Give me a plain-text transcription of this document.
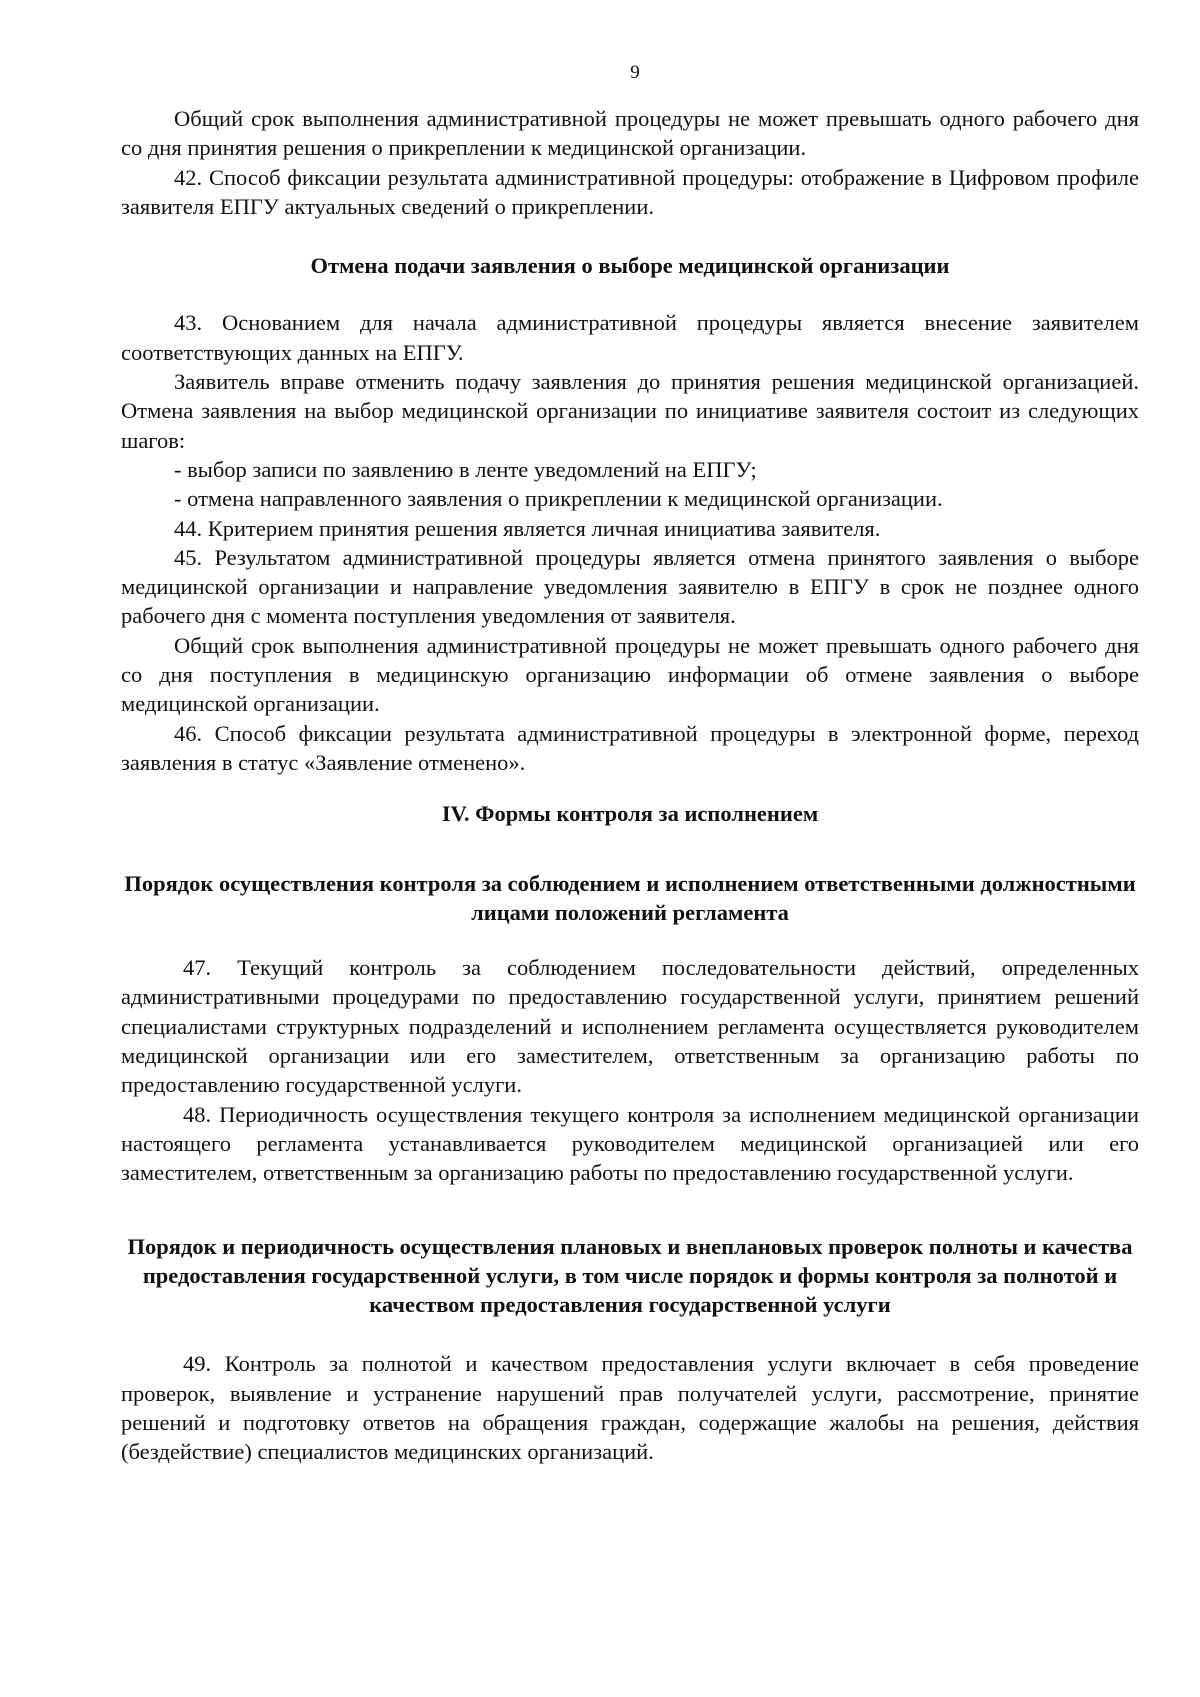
9

Общий срок выполнения административной процедуры не может превышать одного рабочего дня со дня принятия решения о прикреплении к медицинской организации.

42. Способ фиксации результата административной процедуры: отображение в Цифровом профиле заявителя ЕПГУ актуальных сведений о прикреплении.

Отмена подачи заявления о выборе медицинской организации

43. Основанием для начала административной процедуры является внесение заявителем соответствующих данных на ЕПГУ.

Заявитель вправе отменить подачу заявления до принятия решения медицинской организацией. Отмена заявления на выбор медицинской организации по инициативе заявителя состоит из следующих шагов:

- выбор записи по заявлению в ленте уведомлений на ЕПГУ;

- отмена направленного заявления о прикреплении к медицинской организации.

44. Критерием принятия решения является личная инициатива заявителя.

45. Результатом административной процедуры является отмена принятого заявления о выборе медицинской организации и направление уведомления заявителю в ЕПГУ в срок не позднее одного рабочего дня с момента поступления уведомления от заявителя.

Общий срок выполнения административной процедуры не может превышать одного рабочего дня со дня поступления в медицинскую организацию информации об отмене заявления о выборе медицинской организации.

46. Способ фиксации результата административной процедуры в электронной форме, переход заявления в статус «Заявление отменено».

IV. Формы контроля за исполнением
Порядок осуществления контроля за соблюдением и исполнением ответственными должностными лицами положений регламента

47. Текущий контроль за соблюдением последовательности действий, определенных административными процедурами по предоставлению государственной услуги, принятием решений специалистами структурных подразделений и исполнением регламента осуществляется руководителем медицинской организации или его заместителем, ответственным за организацию работы по предоставлению государственной услуги.

48. Периодичность осуществления текущего контроля за исполнением медицинской организации настоящего регламента устанавливается руководителем медицинской организацией или его заместителем, ответственным за организацию работы по предоставлению государственной услуги.

Порядок и периодичность осуществления плановых и внеплановых проверок полноты и качества предоставления государственной услуги, в том числе порядок и формы контроля за полнотой и качеством предоставления государственной услуги

49. Контроль за полнотой и качеством предоставления услуги включает в себя проведение проверок, выявление и устранение нарушений прав получателей услуги, рассмотрение, принятие решений и подготовку ответов на обращения граждан, содержащие жалобы на решения, действия (бездействие) специалистов медицинских организаций.
